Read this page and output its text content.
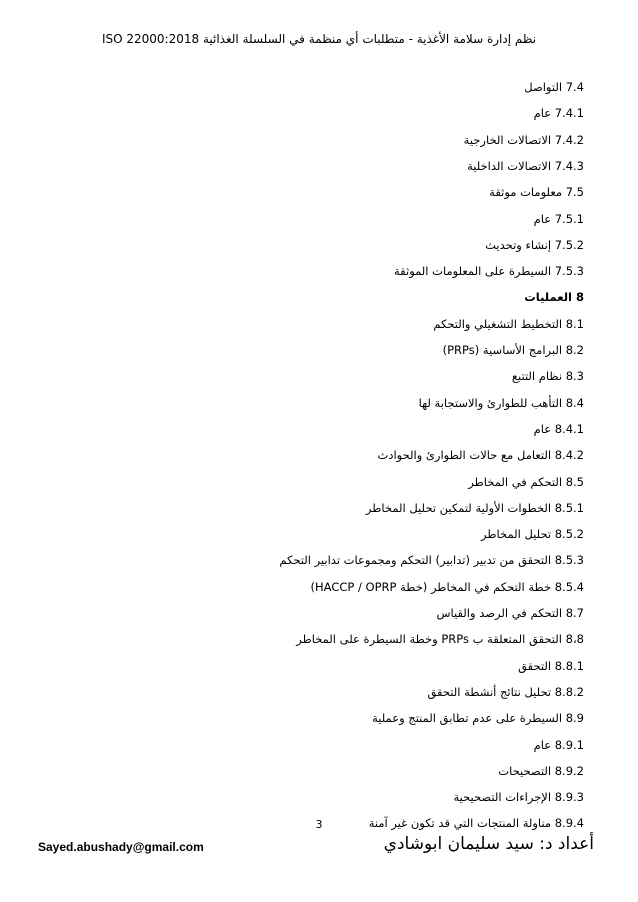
نظم إدارة سلامة الأغذية - متطلبات أي منظمة في السلسلة الغذائية ISO 22000:2018
7.4 التواصل
7.4.1 عام
7.4.2 الاتصالات الخارجية
7.4.3 الاتصالات الداخلية
7.5 معلومات موثقة
7.5.1 عام
7.5.2 إنشاء وتحديث
7.5.3 السيطرة على المعلومات الموثقة
8 العمليات
8.1 التخطيط التشغيلي والتحكم
8.2 البرامج الأساسية (PRPs)
8.3 نظام التتبع
8.4 التأهب للطوارئ والاستجابة لها
8.4.1 عام
8.4.2 التعامل مع حالات الطوارئ والحوادث
8.5 التحكم في المخاطر
8.5.1 الخطوات الأولية لتمكين تحليل المخاطر
8.5.2 تحليل المخاطر
8.5.3 التحقق من تدبير (تدابير) التحكم ومجموعات تدابير التحكم
8.5.4 خطة التحكم في المخاطر (خطة HACCP / OPRP)
8.7 التحكم في الرصد والقياس
8،8 التحقق المتعلقة ب PRPs وخطة السيطرة على المخاطر
8.8.1 التحقق
8.8.2 تحليل نتائج أنشطة التحقق
8.9 السيطرة على عدم تطابق المنتج وعملية
8.9.1 عام
8.9.2 التصحيحات
8.9.3 الإجراءات التصحيحية
8.9.4 مناولة المنتجات التي قد تكون غير آمنة
3
Sayed.abushady@gmail.com	أعداد د: سيد سليمان ابوشادي
